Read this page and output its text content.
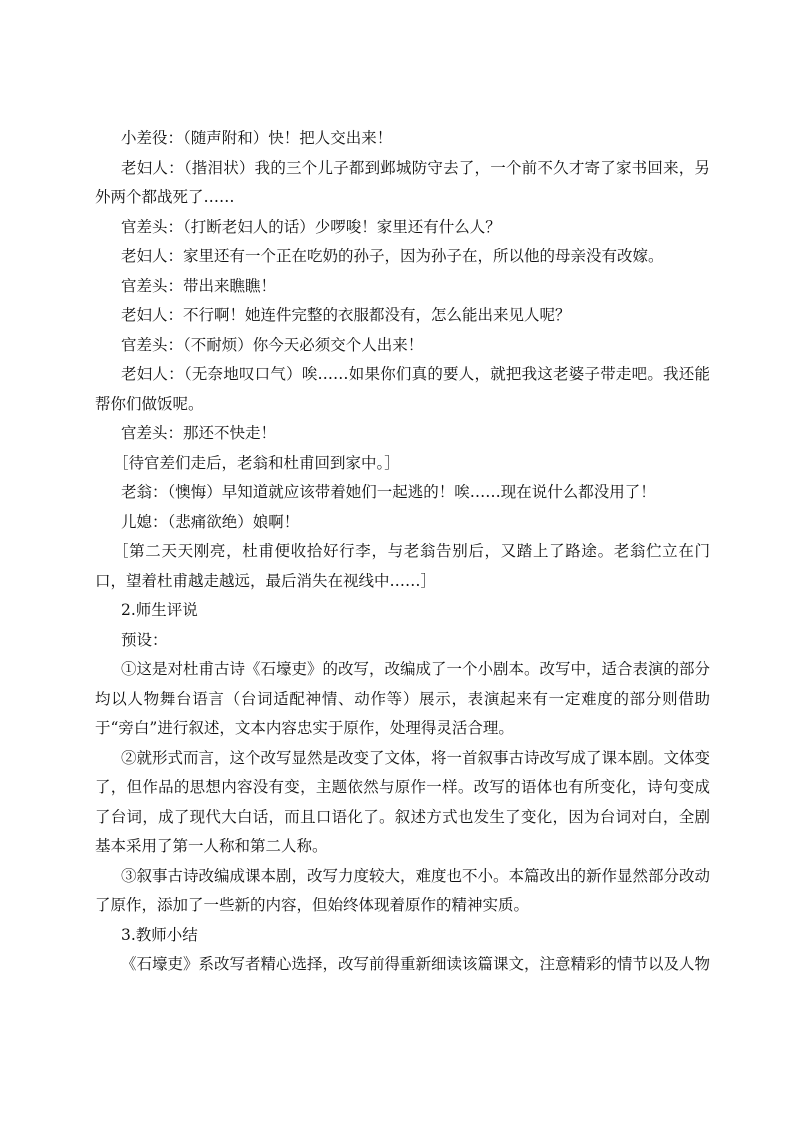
小差役：（随声附和）快！把人交出来！

老妇人：（揩泪状）我的三个儿子都到邺城防守去了，一个前不久才寄了家书回来，另外两个都战死了……

官差头：（打断老妇人的话）少啰唆！家里还有什么人？

老妇人：家里还有一个正在吃奶的孙子，因为孙子在，所以他的母亲没有改嫁。

官差头：带出来瞧瞧！

老妇人：不行啊！她连件完整的衣服都没有，怎么能出来见人呢？

官差头：（不耐烦）你今天必须交个人出来！

老妇人：（无奈地叹口气）唉……如果你们真的要人，就把我这老婆子带走吧。我还能帮你们做饭呢。

官差头：那还不快走！

［待官差们走后，老翁和杜甫回到家中。］

老翁：（懊悔）早知道就应该带着她们一起逃的！唉……现在说什么都没用了！

儿媳：（悲痛欲绝）娘啊！

［第二天天刚亮，杜甫便收拾好行李，与老翁告别后，又踏上了路途。老翁伫立在门口，望着杜甫越走越远，最后消失在视线中……］

2.师生评说

预设：

①这是对杜甫古诗《石壕吏》的改写，改编成了一个小剧本。改写中，适合表演的部分均以人物舞台语言（台词适配神情、动作等）展示，表演起来有一定难度的部分则借助于“旁白”进行叙述，文本内容忠实于原作，处理得灵活合理。

②就形式而言，这个改写显然是改变了文体，将一首叙事古诗改写成了课本剧。文体变了，但作品的思想内容没有变，主题依然与原作一样。改写的语体也有所变化，诗句变成了台词，成了现代大白话，而且口语化了。叙述方式也发生了变化，因为台词对白，全剧基本采用了第一人称和第二人称。

③叙事古诗改编成课本剧，改写力度较大，难度也不小。本篇改出的新作显然部分改动了原作，添加了一些新的内容，但始终体现着原作的精神实质。

3.教师小结

《石壕吏》系改写者精心选择，改写前得重新细读该篇课文，注意精彩的情节以及人物
